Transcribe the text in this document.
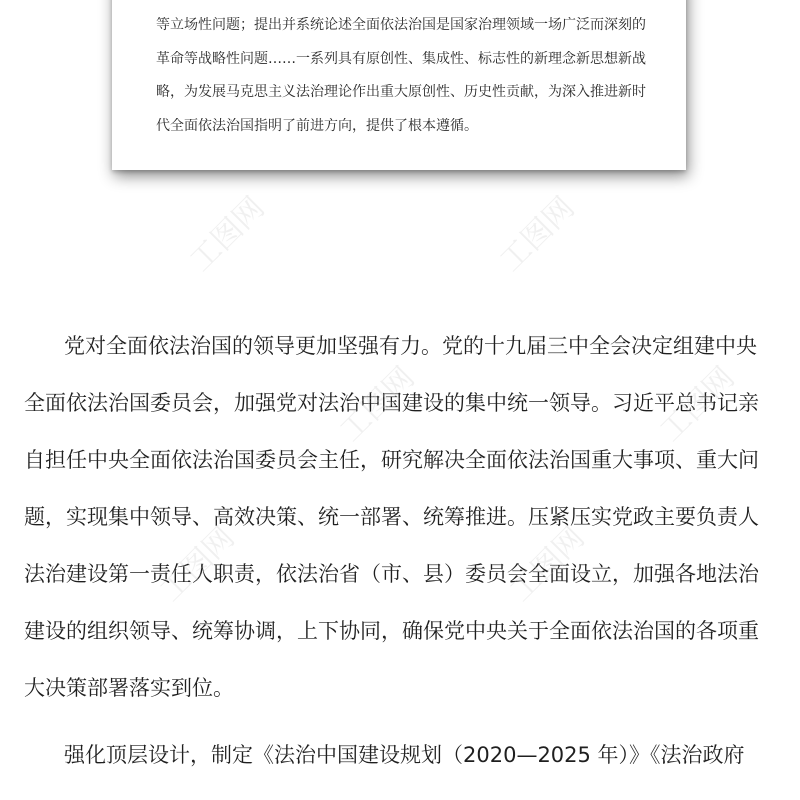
等立场性问题；提出并系统论述全面依法治国是国家治理领域一场广泛而深刻的
革命等战略性问题……一系列具有原创性、集成性、标志性的新理念新思想新战
略，为发展马克思主义法治理论作出重大原创性、历史性贡献，为深入推进新时
代全面依法治国指明了前进方向，提供了根本遵循。
党对全面依法治国的领导更加坚强有力。党的十九届三中全会决定组建中央
全面依法治国委员会，加强党对法治中国建设的集中统一领导。习近平总书记亲
自担任中央全面依法治国委员会主任，研究解决全面依法治国重大事项、重大问
题，实现集中领导、高效决策、统一部署、统筹推进。压紧压实党政主要负责人
法治建设第一责任人职责，依法治省（市、县）委员会全面设立，加强各地法治
建设的组织领导、统筹协调，上下协同，确保党中央关于全面依法治国的各项重
大决策部署落实到位。
强化顶层设计，制定《法治中国建设规划（2020—2025 年）》《法治政府
工图网	工图网
工图网	工图网
工图网	工图网
